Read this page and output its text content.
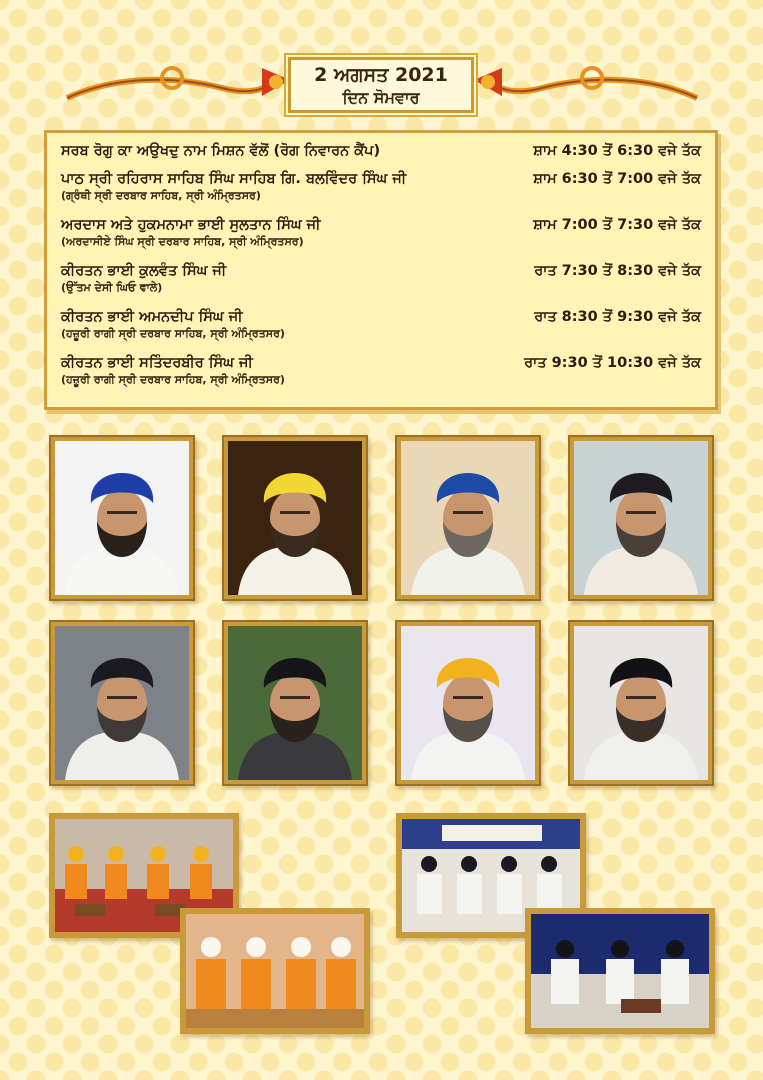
2 ਅਗਸਤ 2021
ਦਿਨ ਸੋਮਵਾਰ
ਸਰਬ ਰੋਗੁ ਕਾ ਅਉਖਦੁ ਨਾਮ ਮਿਸ਼ਨ ਵੱਲੋਂ (ਰੋਗ ਨਿਵਾਰਨ ਕੈਂਪ)	ਸ਼ਾਮ 4:30 ਤੋਂ 6:30 ਵਜੇ ਤੱਕ
ਪਾਠ ਸ੍ਰੀ ਰਹਿਰਾਸ ਸਾਹਿਬ ਸਿੰਘ ਸਾਹਿਬ ਗਿ. ਬਲਵਿੰਦਰ ਸਿੰਘ ਜੀ
(ਗ੍ਰੰਥੀ ਸ੍ਰੀ ਦਰਬਾਰ ਸਾਹਿਬ, ਸ੍ਰੀ ਅੰਮ੍ਰਿਤਸਰ)
ਸ਼ਾਮ 6:30 ਤੋਂ 7:00 ਵਜੇ ਤੱਕ
ਅਰਦਾਸ ਅਤੇ ਹੁਕਮਨਾਮਾ ਭਾਈ ਸੁਲਤਾਨ ਸਿੰਘ ਜੀ
(ਅਰਦਾਸੀਏ ਸਿੰਘ ਸ੍ਰੀ ਦਰਬਾਰ ਸਾਹਿਬ, ਸ੍ਰੀ ਅੰਮ੍ਰਿਤਸਰ)
ਸ਼ਾਮ 7:00 ਤੋਂ 7:30 ਵਜੇ ਤੱਕ
ਕੀਰਤਨ ਭਾਈ ਕੁਲਵੰਤ ਸਿੰਘ ਜੀ
(ਉੱਤਮ ਦੇਸੀ ਘਿਓ ਵਾਲੇ)
ਰਾਤ 7:30 ਤੋਂ 8:30 ਵਜੇ ਤੱਕ
ਕੀਰਤਨ ਭਾਈ ਅਮਨਦੀਪ ਸਿੰਘ ਜੀ
(ਹਜ਼ੂਰੀ ਰਾਗੀ ਸ੍ਰੀ ਦਰਬਾਰ ਸਾਹਿਬ, ਸ੍ਰੀ ਅੰਮ੍ਰਿਤਸਰ)
ਰਾਤ 8:30 ਤੋਂ 9:30 ਵਜੇ ਤੱਕ
ਕੀਰਤਨ ਭਾਈ ਸਤਿੰਦਰਬੀਰ ਸਿੰਘ ਜੀ
(ਹਜ਼ੂਰੀ ਰਾਗੀ ਸ੍ਰੀ ਦਰਬਾਰ ਸਾਹਿਬ, ਸ੍ਰੀ ਅੰਮ੍ਰਿਤਸਰ)
ਰਾਤ 9:30 ਤੋਂ 10:30 ਵਜੇ ਤੱਕ
